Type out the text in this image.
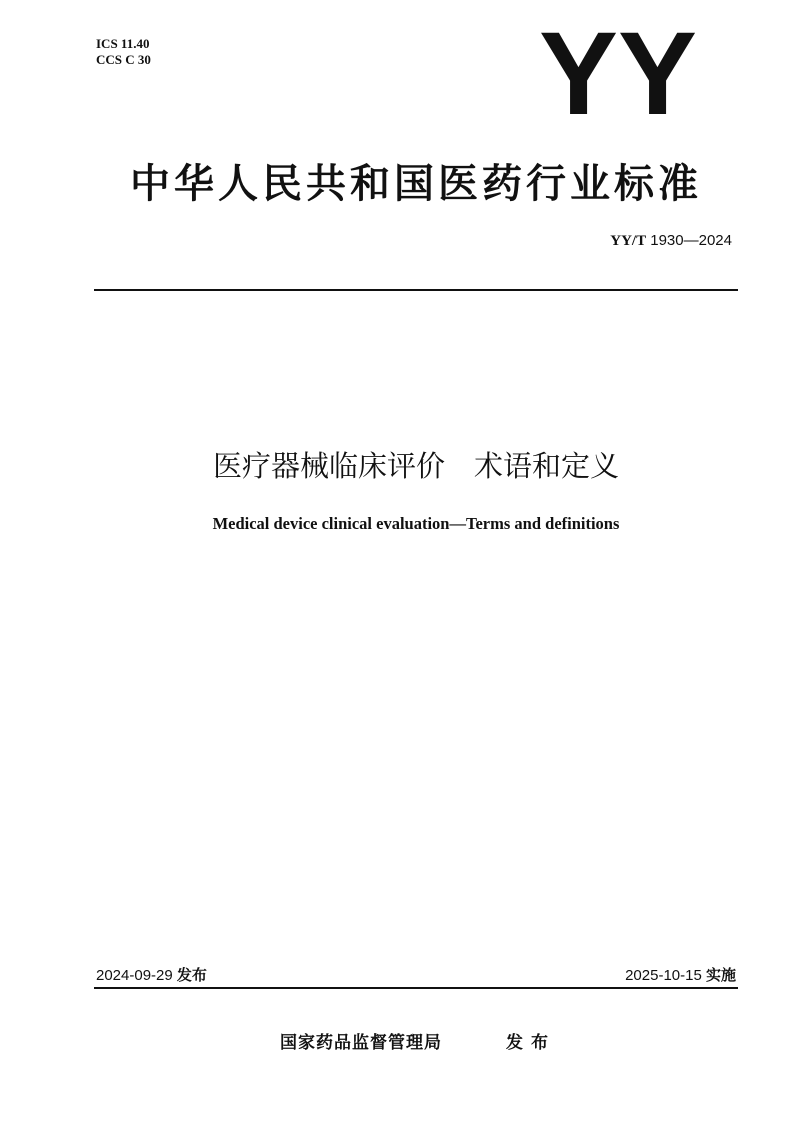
ICS 11.40
CCS C 30	YY
中华人民共和国医药行业标准
YY/T 1930—2024
医疗器械临床评价　术语和定义
Medical device clinical evaluation—Terms and definitions
2024-09-29 发布	2025-10-15 实施
国家药品监督管理局	发布
